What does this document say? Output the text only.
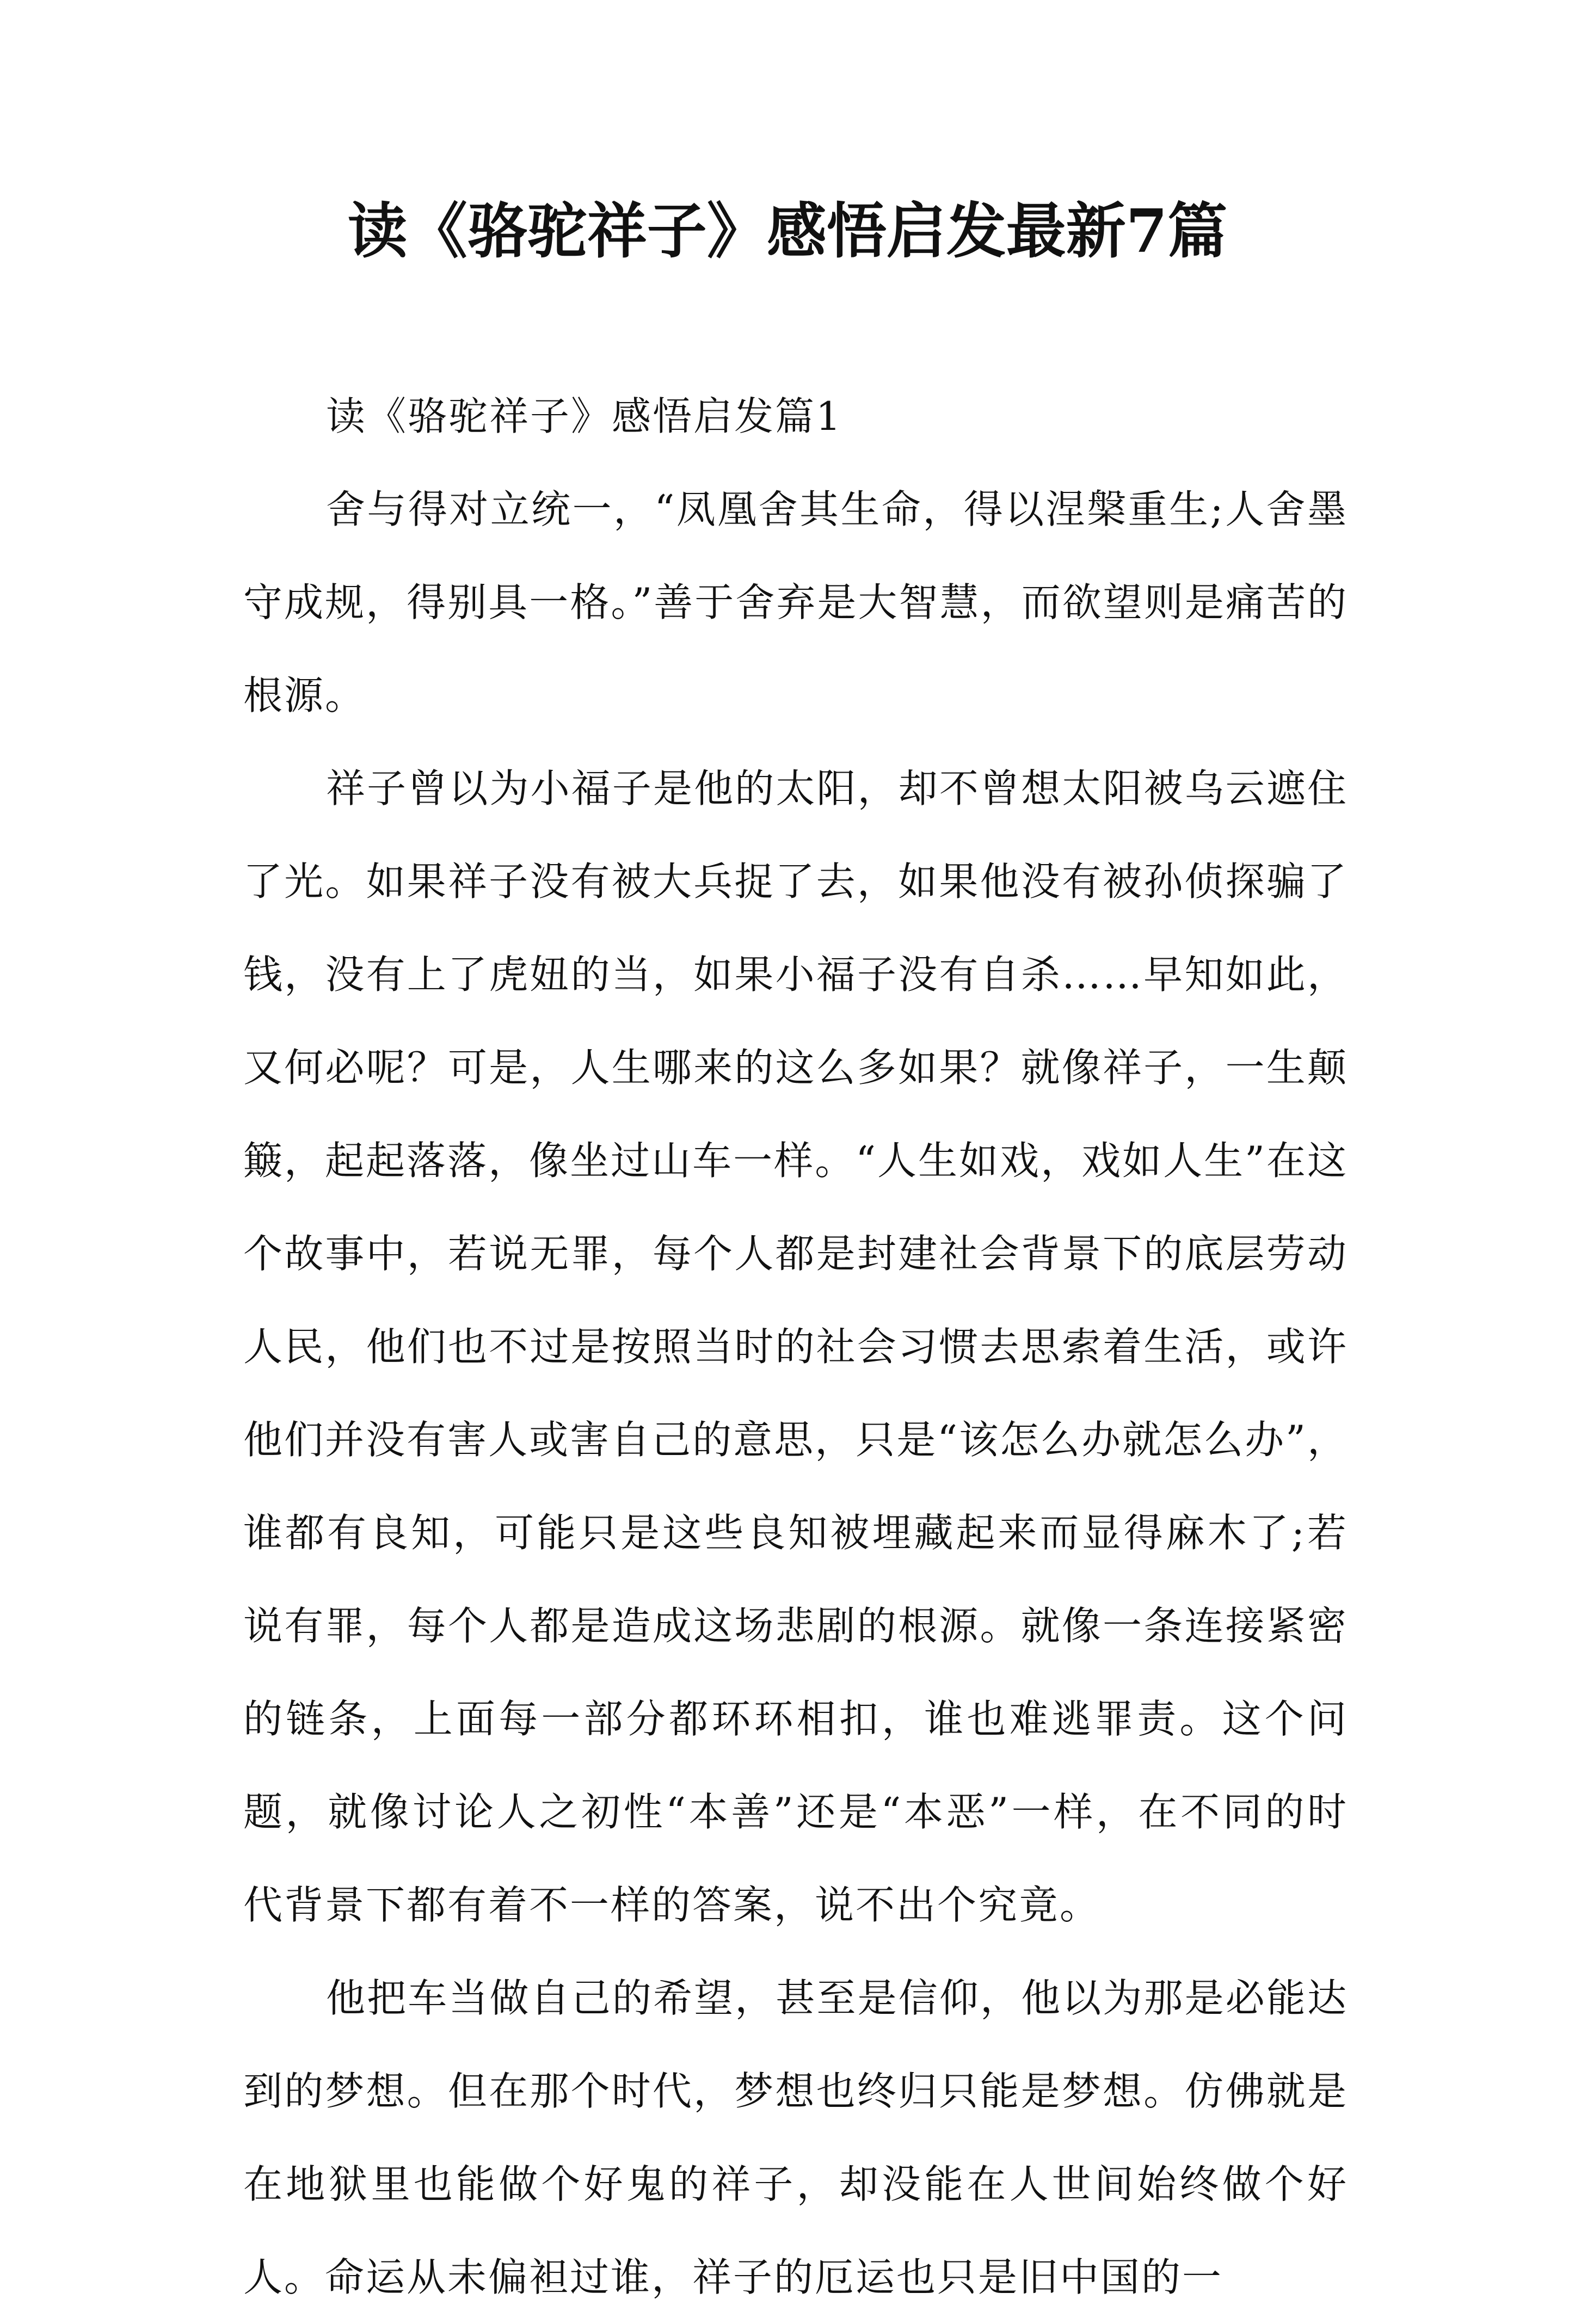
读《骆驼祥子》感悟启发最新7篇

读《骆驼祥子》感悟启发篇1

舍与得对立统一，“凤凰舍其生命，得以涅槃重生;人舍墨守成规，得别具一格。”善于舍弃是大智慧，而欲望则是痛苦的根源。

祥子曾以为小福子是他的太阳，却不曾想太阳被乌云遮住了光。如果祥子没有被大兵捉了去，如果他没有被孙侦探骗了钱，没有上了虎妞的当，如果小福子没有自杀……早知如此，又何必呢？可是，人生哪来的这么多如果？就像祥子，一生颠簸，起起落落，像坐过山车一样。“人生如戏，戏如人生”在这个故事中，若说无罪，每个人都是封建社会背景下的底层劳动人民，他们也不过是按照当时的社会习惯去思索着生活，或许他们并没有害人或害自己的意思，只是“该怎么办就怎么办”，谁都有良知，可能只是这些良知被埋藏起来而显得麻木了;若说有罪，每个人都是造成这场悲剧的根源。就像一条连接紧密的链条，上面每一部分都环环相扣，谁也难逃罪责。这个问题，就像讨论人之初性“本善”还是“本恶”一样，在不同的时代背景下都有着不一样的答案，说不出个究竟。

他把车当做自己的希望，甚至是信仰，他以为那是必能达到的梦想。但在那个时代，梦想也终归只能是梦想。仿佛就是在地狱里也能做个好鬼的祥子，却没能在人世间始终做个好人。命运从未偏袒过谁，祥子的厄运也只是旧中国的一
